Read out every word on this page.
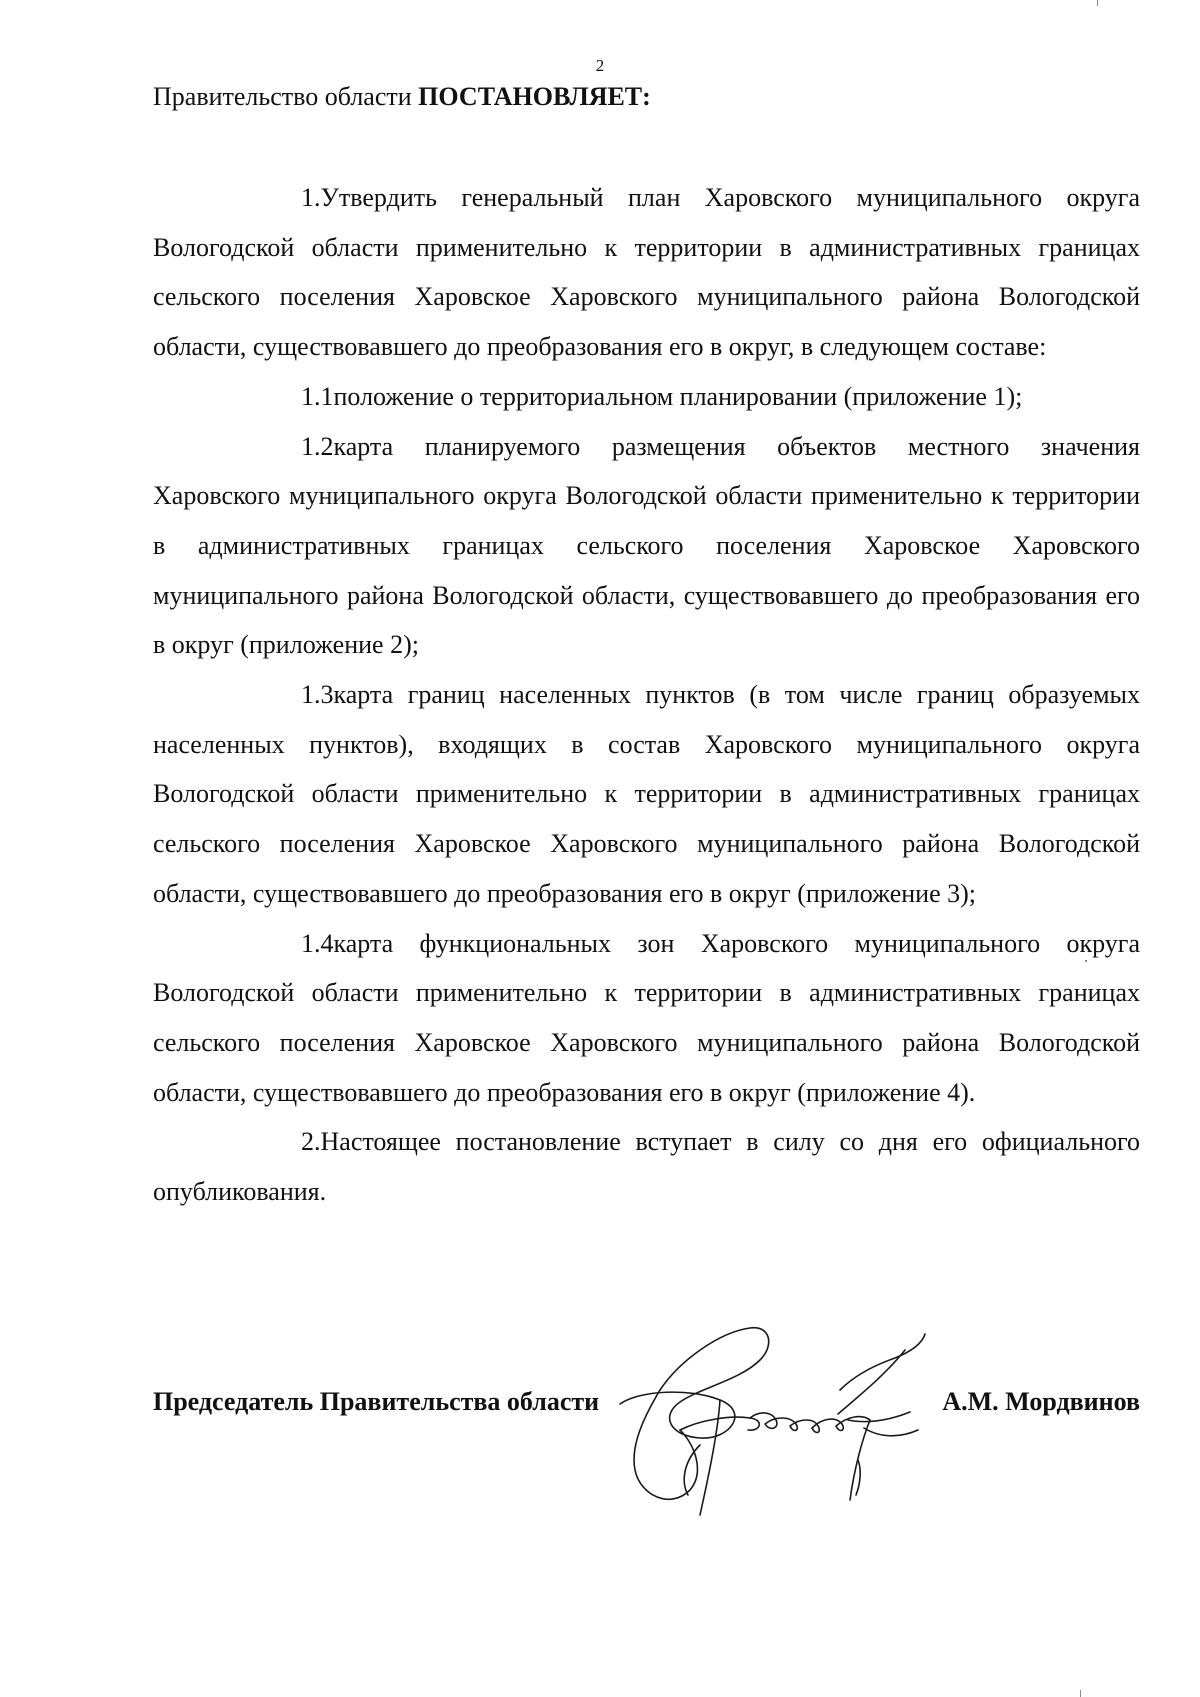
2
Правительство области ПОСТАНОВЛЯЕТ:

1.Утвердить генеральный план Харовского муниципального округа Вологодской области применительно к территории в административных границах сельского поселения Харовское Харовского муниципального района Вологодской области, существовавшего до преобразования его в округ, в следующем составе:

1.1положение о территориальном планировании (приложение 1);

1.2карта планируемого размещения объектов местного значения Харовского муниципального округа Вологодской области применительно к территории в административных границах сельского поселения Харовское Харовского муниципального района Вологодской области, существовавшего до преобразования его в округ (приложение 2);

1.3карта границ населенных пунктов (в том числе границ образуемых населенных пунктов), входящих в состав Харовского муниципального округа Вологодской области применительно к территории в административных границах сельского поселения Харовское Харовского муниципального района Вологодской области, существовавшего до преобразования его в округ (приложение 3);

1.4карта функциональных зон Харовского муниципального округа Вологодской области применительно к территории в административных границах сельского поселения Харовское Харовского муниципального района Вологодской области, существовавшего до преобразования его в округ (приложение 4).

2.Настоящее постановление вступает в силу со дня его официального опубликования.

Председатель Правительства области	А.М. Мордвинов
